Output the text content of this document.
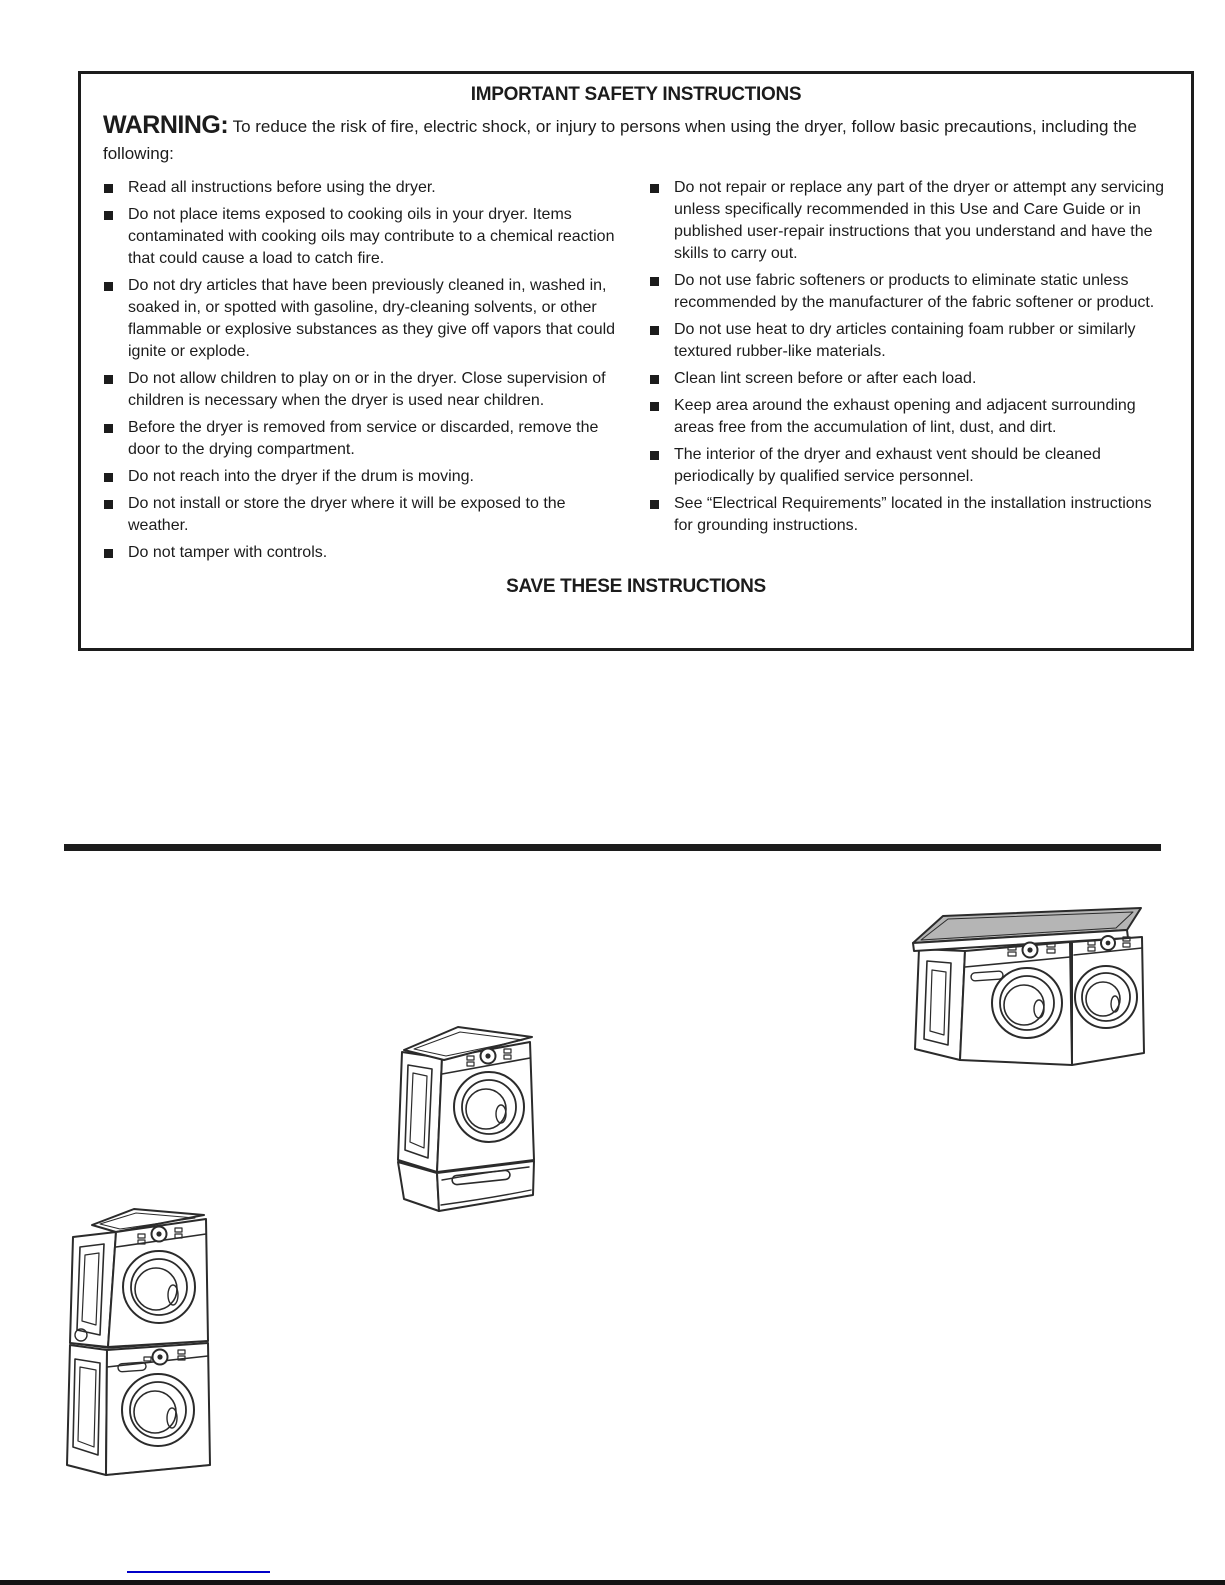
IMPORTANT SAFETY INSTRUCTIONS
WARNING: To reduce the risk of fire, electric shock, or injury to persons when using the dryer, follow basic precautions, including the following:
Read all instructions before using the dryer.
Do not place items exposed to cooking oils in your dryer. Items contaminated with cooking oils may contribute to a chemical reaction that could cause a load to catch fire.
Do not dry articles that have been previously cleaned in, washed in, soaked in, or spotted with gasoline, dry-cleaning solvents, or other flammable or explosive substances as they give off vapors that could ignite or explode.
Do not allow children to play on or in the dryer. Close supervision of children is necessary when the dryer is used near children.
Before the dryer is removed from service or discarded, remove the door to the drying compartment.
Do not reach into the dryer if the drum is moving.
Do not install or store the dryer where it will be exposed to the weather.
Do not tamper with controls.
Do not repair or replace any part of the dryer or attempt any servicing unless specifically recommended in this Use and Care Guide or in published user-repair instructions that you understand and have the skills to carry out.
Do not use fabric softeners or products to eliminate static unless recommended by the manufacturer of the fabric softener or product.
Do not use heat to dry articles containing foam rubber or similarly textured rubber-like materials.
Clean lint screen before or after each load.
Keep area around the exhaust opening and adjacent surrounding areas free from the accumulation of lint, dust, and dirt.
The interior of the dryer and exhaust vent should be cleaned periodically by qualified service personnel.
See “Electrical Requirements” located in the installation instructions for grounding instructions.
SAVE THESE INSTRUCTIONS
